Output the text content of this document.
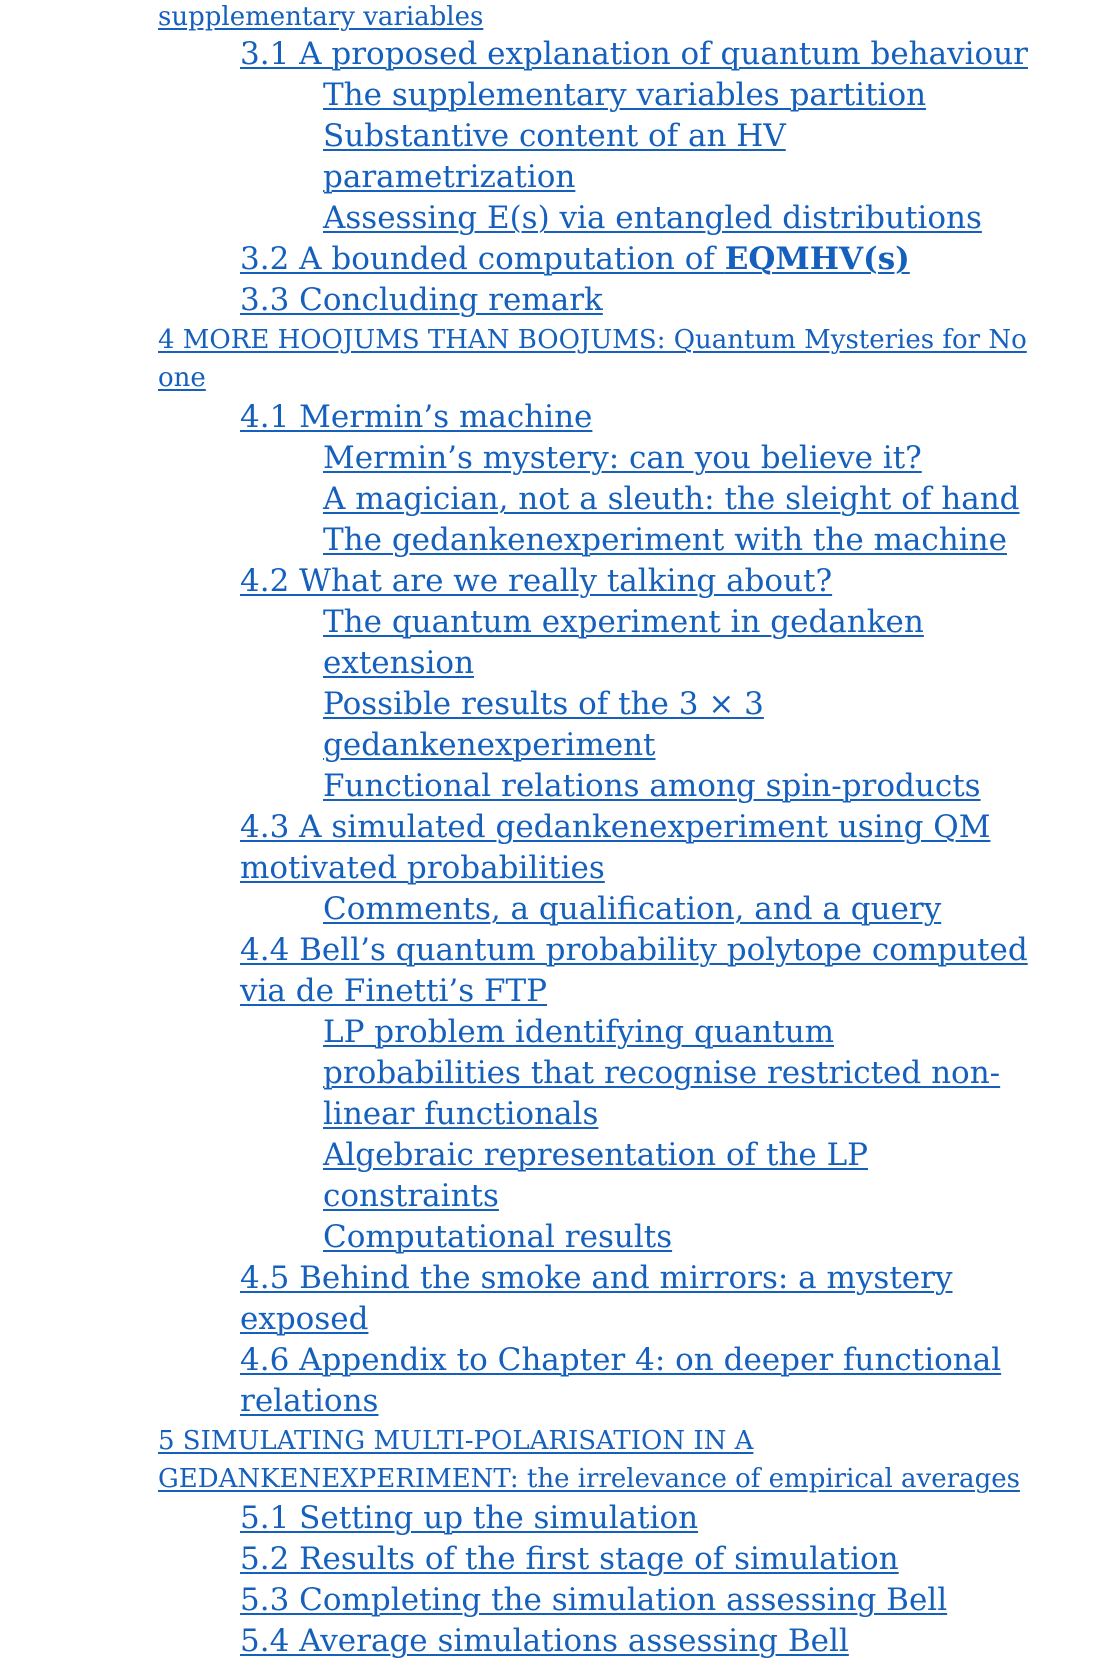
supplementary variables
3.1 A proposed explanation of quantum behaviour
The supplementary variables partition
Substantive content of an HV parametrization
Assessing E(s) via entangled distributions
3.2 A bounded computation of EQMHV(s)
3.3 Concluding remark
4 MORE HOOJUMS THAN BOOJUMS: Quantum Mysteries for No one
4.1 Mermin’s machine
Mermin’s mystery: can you believe it?
A magician, not a sleuth: the sleight of hand
The gedankenexperiment with the machine
4.2 What are we really talking about?
The quantum experiment in gedanken extension
Possible results of the 3 × 3 gedankenexperiment
Functional relations among spin-products
4.3 A simulated gedankenexperiment using QM motivated probabilities
Comments, a qualification, and a query
4.4 Bell’s quantum probability polytope computed via de Finetti’s FTP
LP problem identifying quantum probabilities that recognise restricted non-linear functionals
Algebraic representation of the LP constraints
Computational results
4.5 Behind the smoke and mirrors: a mystery exposed
4.6 Appendix to Chapter 4: on deeper functional relations
5 SIMULATING MULTI-POLARISATION IN A GEDANKENEXPERIMENT: the irrelevance of empirical averages
5.1 Setting up the simulation
5.2 Results of the first stage of simulation
5.3 Completing the simulation assessing Bell
5.4 Average simulations assessing Bell
